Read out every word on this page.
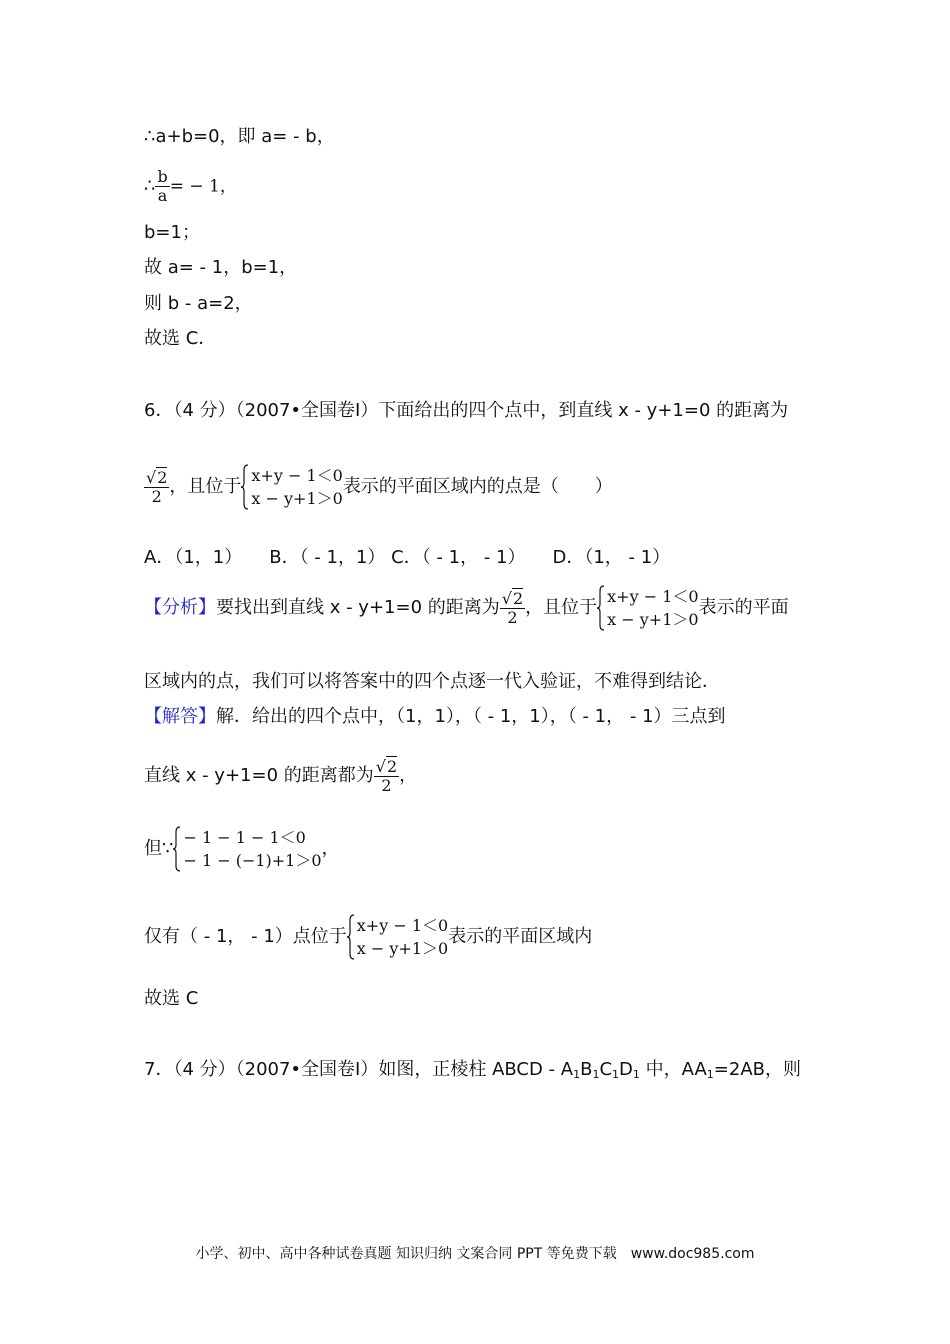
∴a+b=0，即 a= ‐ b，
∴ $\frac{b}{a}$ = − 1，
b=1；
故 a= ‐ 1，b=1，
则 b ‐ a=2，
故选 C．
6．（4 分）（2007•全国卷Ⅰ）下面给出的四个点中，到直线 x ‐ y+1=0 的距离为
$\frac{√2}{2}$ ，且位于
x+y − 1＜0
x − y+1＞0
表示的平面区域内的点是（　　）
A．（1，1）　　B．（ ‐ 1，1） C．（ ‐ 1， ‐ 1）　　D．（1， ‐ 1）
【分析】要找出到直线 x ‐ y+1=0 的距离为 $\frac{√2}{2}$ ，且位于
x+y − 1＜0
x − y+1＞0
表示的平面
区域内的点，我们可以将答案中的四个点逐一代入验证，不难得到结论．
【解答】解．给出的四个点中，（1，1），（ ‐ 1，1），（ ‐ 1， ‐ 1）三点到
直线 x ‐ y+1=0 的距离都为 $\frac{√2}{2}$ ，
但∵
− 1 − 1 − 1＜0
− 1 − (−1)+1＞0
，
仅有（ ‐ 1， ‐ 1）点位于
x+y − 1＜0
x − y+1＞0
表示的平面区域内
故选 C
7．（4 分）（2007•全国卷Ⅰ）如图，正棱柱 ABCD ‐ $A_1B_1C_1D_1$ 中，$AA_1=2AB$，则
小学、初中、高中各种试卷真题 知识归纳 文案合同 PPT 等免费下载　www.doc985.com
